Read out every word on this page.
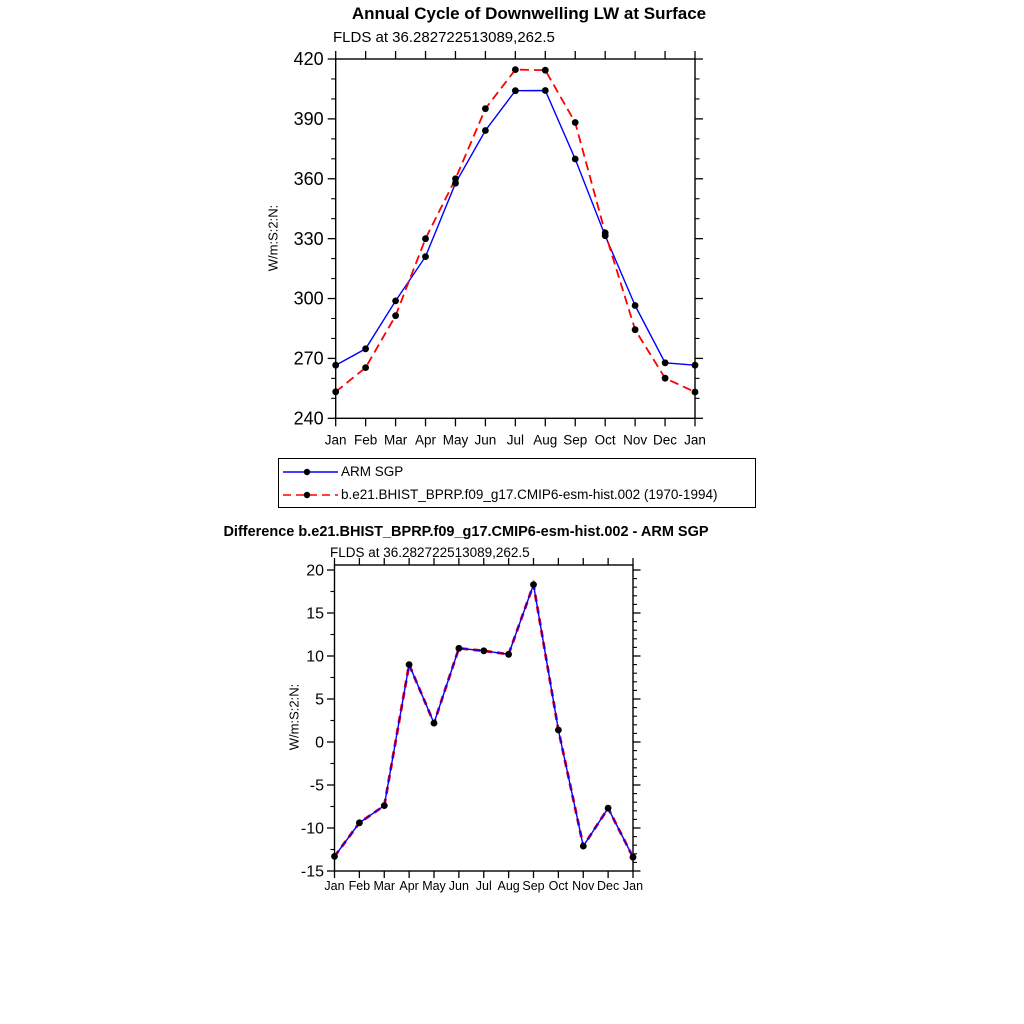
Annual Cycle of Downwelling LW at Surface
FLDS at 36.282722513089,262.5
W/m:S:2:N:
Difference b.e21.BHIST_BPRP.f09_g17.CMIP6-esm-hist.002 - ARM SGP
FLDS at 36.282722513089,262.5
W/m:S:2:N:
240
270
300
330
360
390
420
Jan Feb Mar Apr May Jun Jul Aug Sep Oct Nov Dec Jan
-15
-10
-5
0
5
10
15
20
Jan Feb Mar Apr May Jun Jul Aug Sep Oct Nov Dec Jan
ARM SGP
b.e21.BHIST_BPRP.f09_g17.CMIP6-esm-hist.002 (1970-1994)
